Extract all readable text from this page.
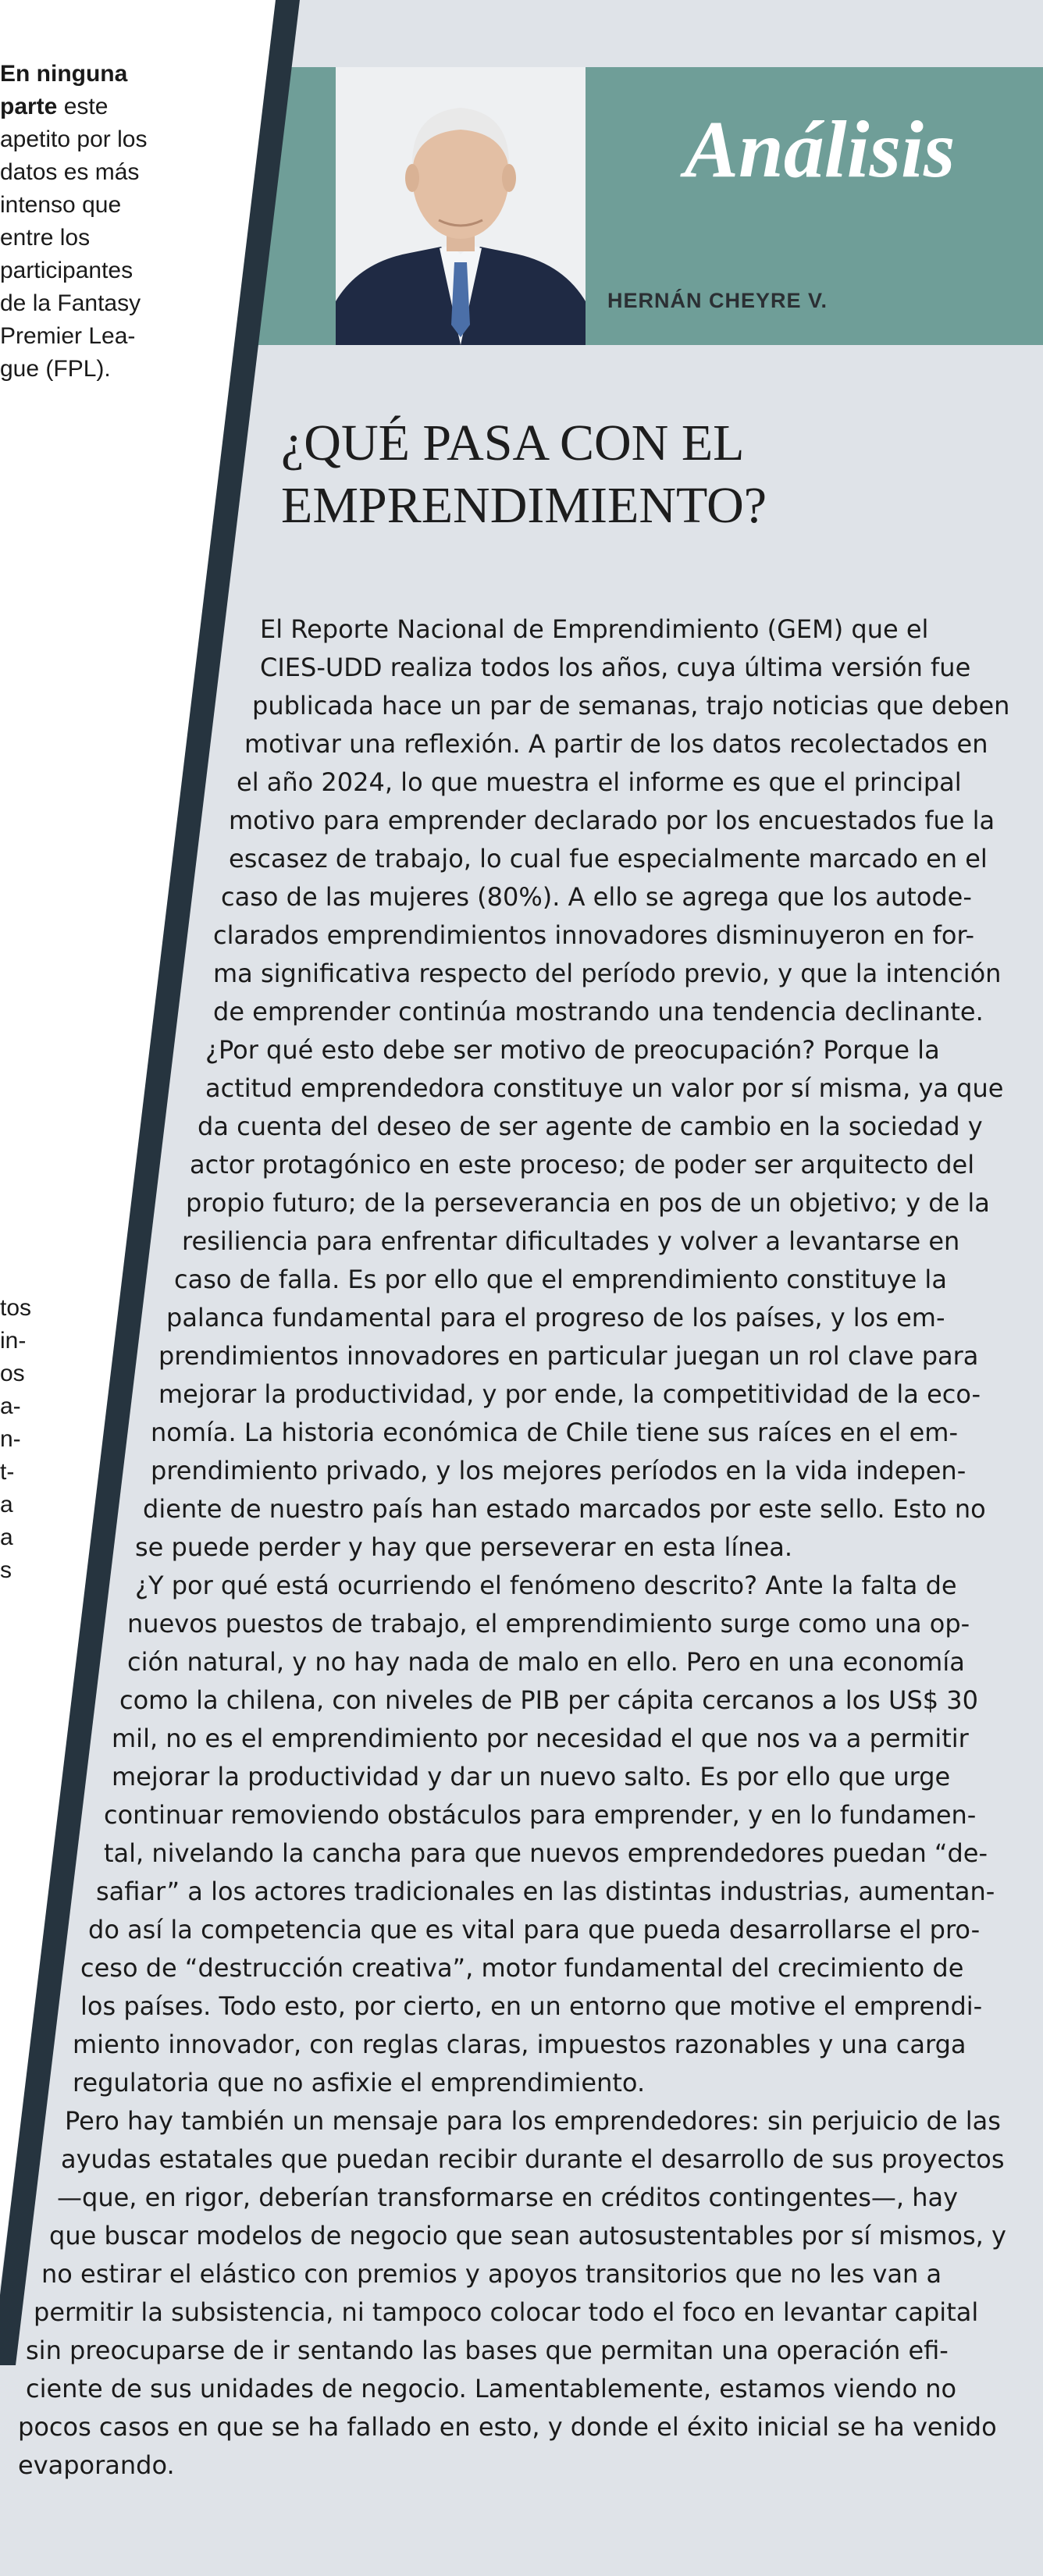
En ninguna
parte este
apetito por los
datos es más
intenso que
entre los
participantes
de la Fantasy
Premier Lea-
gue (FPL).
tos
in-
os
a-
n-
t-
a
a
s
Análisis
HERNÁN CHEYRE V.
¿QUÉ PASA CON EL
EMPRENDIMIENTO?
El Reporte Nacional de Emprendimiento (GEM) que el
CIES-UDD realiza todos los años, cuya última versión fue
publicada hace un par de semanas, trajo noticias que deben
motivar una reflexión. A partir de los datos recolectados en
el año 2024, lo que muestra el informe es que el principal
motivo para emprender declarado por los encuestados fue la
escasez de trabajo, lo cual fue especialmente marcado en el
caso de las mujeres (80%). A ello se agrega que los autode-
clarados emprendimientos innovadores disminuyeron en for-
ma significativa respecto del período previo, y que la intención
de emprender continúa mostrando una tendencia declinante.
¿Por qué esto debe ser motivo de preocupación? Porque la
actitud emprendedora constituye un valor por sí misma, ya que
da cuenta del deseo de ser agente de cambio en la sociedad y
actor protagónico en este proceso; de poder ser arquitecto del
propio futuro; de la perseverancia en pos de un objetivo; y de la
resiliencia para enfrentar dificultades y volver a levantarse en
caso de falla. Es por ello que el emprendimiento constituye la
palanca fundamental para el progreso de los países, y los em-
prendimientos innovadores en particular juegan un rol clave para
mejorar la productividad, y por ende, la competitividad de la eco-
nomía. La historia económica de Chile tiene sus raíces en el em-
prendimiento privado, y los mejores períodos en la vida indepen-
diente de nuestro país han estado marcados por este sello. Esto no
se puede perder y hay que perseverar en esta línea.
¿Y por qué está ocurriendo el fenómeno descrito? Ante la falta de
nuevos puestos de trabajo, el emprendimiento surge como una op-
ción natural, y no hay nada de malo en ello. Pero en una economía
como la chilena, con niveles de PIB per cápita cercanos a los US$ 30
mil, no es el emprendimiento por necesidad el que nos va a permitir
mejorar la productividad y dar un nuevo salto. Es por ello que urge
continuar removiendo obstáculos para emprender, y en lo fundamen-
tal, nivelando la cancha para que nuevos emprendedores puedan “de-
safiar” a los actores tradicionales en las distintas industrias, aumentan-
do así la competencia que es vital para que pueda desarrollarse el pro-
ceso de “destrucción creativa”, motor fundamental del crecimiento de
los países. Todo esto, por cierto, en un entorno que motive el emprendi-
miento innovador, con reglas claras, impuestos razonables y una carga
regulatoria que no asfixie el emprendimiento.
Pero hay también un mensaje para los emprendedores: sin perjuicio de las
ayudas estatales que puedan recibir durante el desarrollo de sus proyectos
—que, en rigor, deberían transformarse en créditos contingentes—, hay
que buscar modelos de negocio que sean autosustentables por sí mismos, y
no estirar el elástico con premios y apoyos transitorios que no les van a
permitir la subsistencia, ni tampoco colocar todo el foco en levantar capital
sin preocuparse de ir sentando las bases que permitan una operación efi-
ciente de sus unidades de negocio. Lamentablemente, estamos viendo no
pocos casos en que se ha fallado en esto, y donde el éxito inicial se ha venido
evaporando.
